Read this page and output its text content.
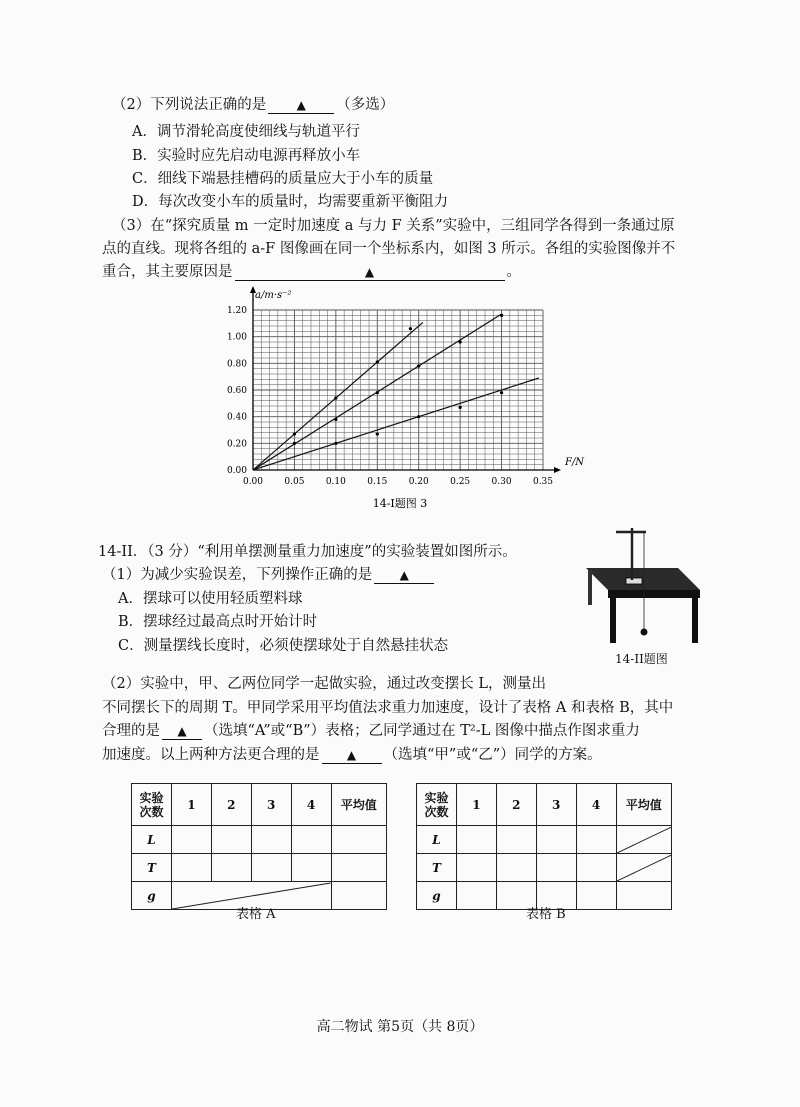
（2）下列说法正确的是	▲ （多选）
A．调节滑轮高度使细线与轨道平行
B．实验时应先启动电源再释放小车
C．细线下端悬挂槽码的质量应大于小车的质量
D．每次改变小车的质量时，均需要重新平衡阻力
（3）在“探究质量 m 一定时加速度 a 与力 F 关系”实验中，三组同学各得到一条通过原
点的直线。现将各组的 a-F 图像画在同一个坐标系内，如图 3 所示。各组的实验图像并不
重合，其主要原因是	▲	。
0.00 0.05 0.10 0.15 0.20 0.25 0.30 0.35
0.00
0.20
0.40
0.60
0.80
1.00
1.20
a/m·s⁻²
F/N
14-I题图 3
14-II．（3 分）“利用单摆测量重力加速度”的实验装置如图所示。
（1）为减少实验误差，下列操作正确的是 ▲
A．摆球可以使用轻质塑料球
B．摆球经过最高点时开始计时
C．测量摆线长度时，必须使摆球处于自然悬挂状态
14-II题图
（2）实验中，甲、乙两位同学一起做实验，通过改变摆长 L，测量出
不同摆长下的周期 T。甲同学采用平均值法求重力加速度，设计了表格 A 和表格 B，其中
合理的是 ▲ （选填“A”或“B”）表格；乙同学通过在 T²-L 图像中描点作图求重力
加速度。以上两种方法更合理的是 ▲ （选填“甲”或“乙”）同学的方案。
实验
次数	1	2	3	4	平均值
L					
T					
g	

表格 A
实验
次数	1	2	3	4	平均值
L					

T					

g					
表格 B
高二物试 第5页（共 8页）
